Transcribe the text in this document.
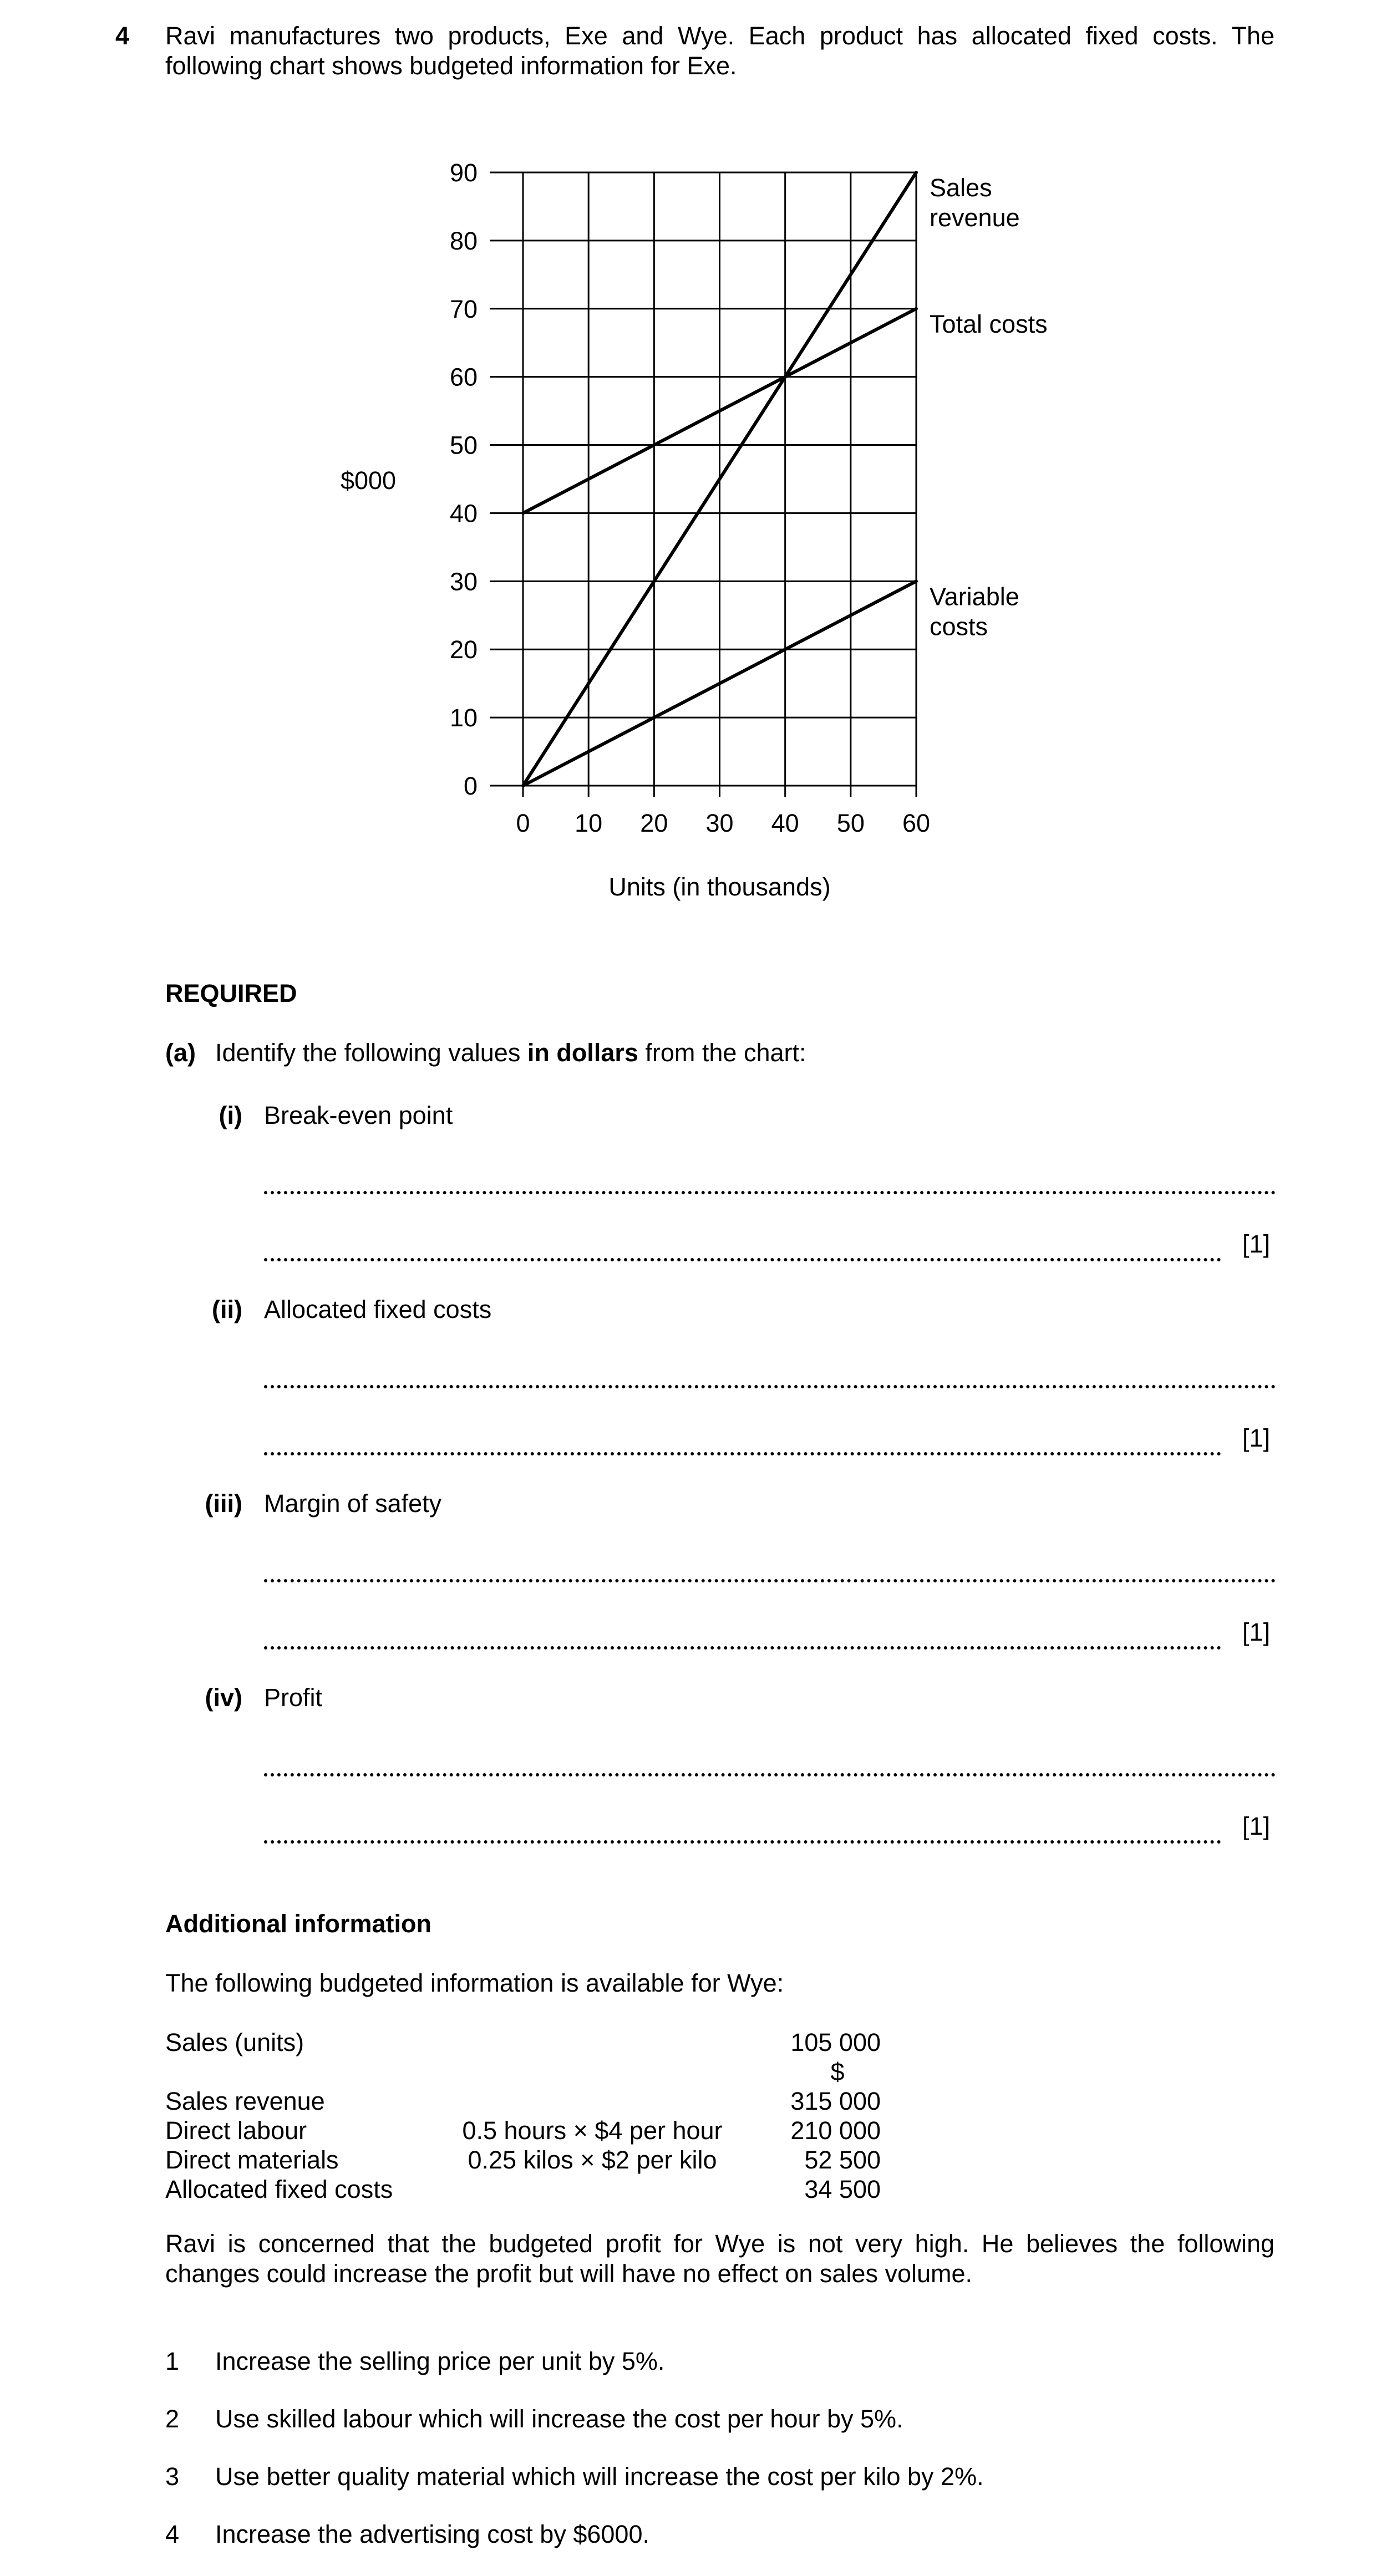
4 Ravi manufactures two products, Exe and Wye. Each product has allocated fixed costs. The
following chart shows budgeted information for Exe.
0 10 20 30 40 50 60
0
10
20
30
40
50
60
70
80
90
$000
Units (in thousands)
Sales
revenue
Total costs
Variable
costs
REQUIRED
(a) Identify the following values in dollars from the chart:
(i) Break-even point
[1]
(ii) Allocated fixed costs
[1]
(iii) Margin of safety
[1]
(iv) Profit
[1]
Additional information
The following budgeted information is available for Wye:
Sales (units)	105 000
$
Sales revenue	315 000
Direct labour	0.5 hours × $4 per hour	210 000
Direct materials	0.25 kilos × $2 per kilo	52 500
Allocated fixed costs	34 500
Ravi is concerned that the budgeted profit for Wye is not very high. He believes the following
changes could increase the profit but will have no effect on sales volume.
1 Increase the selling price per unit by 5%.
2 Use skilled labour which will increase the cost per hour by 5%.
3 Use better quality material which will increase the cost per kilo by 2%.
4 Increase the advertising cost by $6000.
